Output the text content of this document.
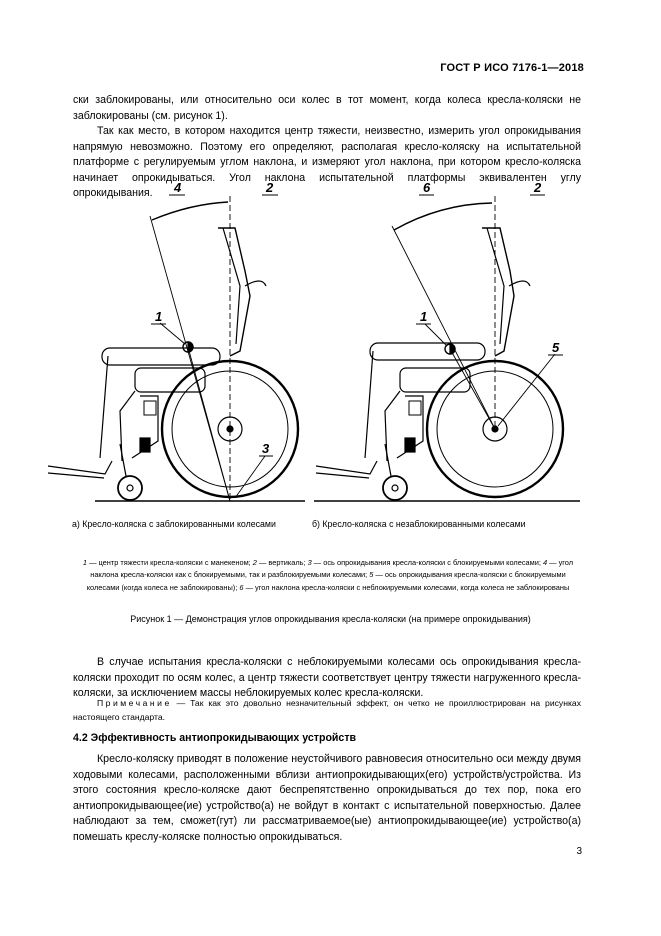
ГОСТ Р ИСО 7176-1—2018
ски заблокированы, или относительно оси колес в тот момент, когда колеса кресла-коляски не заблокированы (см. рисунок 1).
Так как место, в котором находится центр тяжести, неизвестно, измерить угол опрокидывания напрямую невозможно. Поэтому его определяют, располагая кресло-коляску на испытательной платформе с регулируемым углом наклона, и измеряют угол наклона, при котором кресло-коляска начинает опрокидываться. Угол наклона испытательной платформы эквивалентен углу опрокидывания.	4	2
1
3
6	2
1
5
а) Кресло-коляска с заблокированными колесами	б) Кресло-коляска с незаблокированными колесами
1 — центр тяжести кресла-коляски с манекеном; 2 — вертикаль; 3 — ось опрокидывания кресла-коляски с блокируемыми колесами; 4 — угол наклона кресла-коляски как с блокируемыми, так и разблокируемыми колесами; 5 — ось опрокидывания кресла-коляски с блокируемыми колесами (когда колеса не заблокированы); 6 — угол наклона кресла-коляски с неблокируемыми колесами, когда колеса не заблокированы
Рисунок 1 — Демонстрация углов опрокидывания кресла-коляски (на примере опрокидывания)
В случае испытания кресла-коляски с неблокируемыми колесами ось опрокидывания кресла-коляски проходит по осям колес, а центр тяжести соответствует центру тяжести нагруженного кресла-коляски, за исключением массы неблокируемых колес кресла-коляски.
Примечание — Так как это довольно незначительный эффект, он четко не проиллюстрирован на рисунках настоящего стандарта.
4.2 Эффективность антиопрокидывающих устройств
Кресло-коляску приводят в положение неустойчивого равновесия относительно оси между двумя ходовыми колесами, расположенными вблизи антиопрокидывающих(его) устройств/устройства. Из этого состояния кресло-коляске дают беспрепятственно опрокидываться до тех пор, пока его антиопрокидывающее(ие) устройство(а) не войдут в контакт с испытательной поверхностью. Далее наблюдают за тем, сможет(гут) ли рассматриваемое(ые) антиопрокидывающее(ие) устройство(а) помешать креслу-коляске полностью опрокидываться.
3
